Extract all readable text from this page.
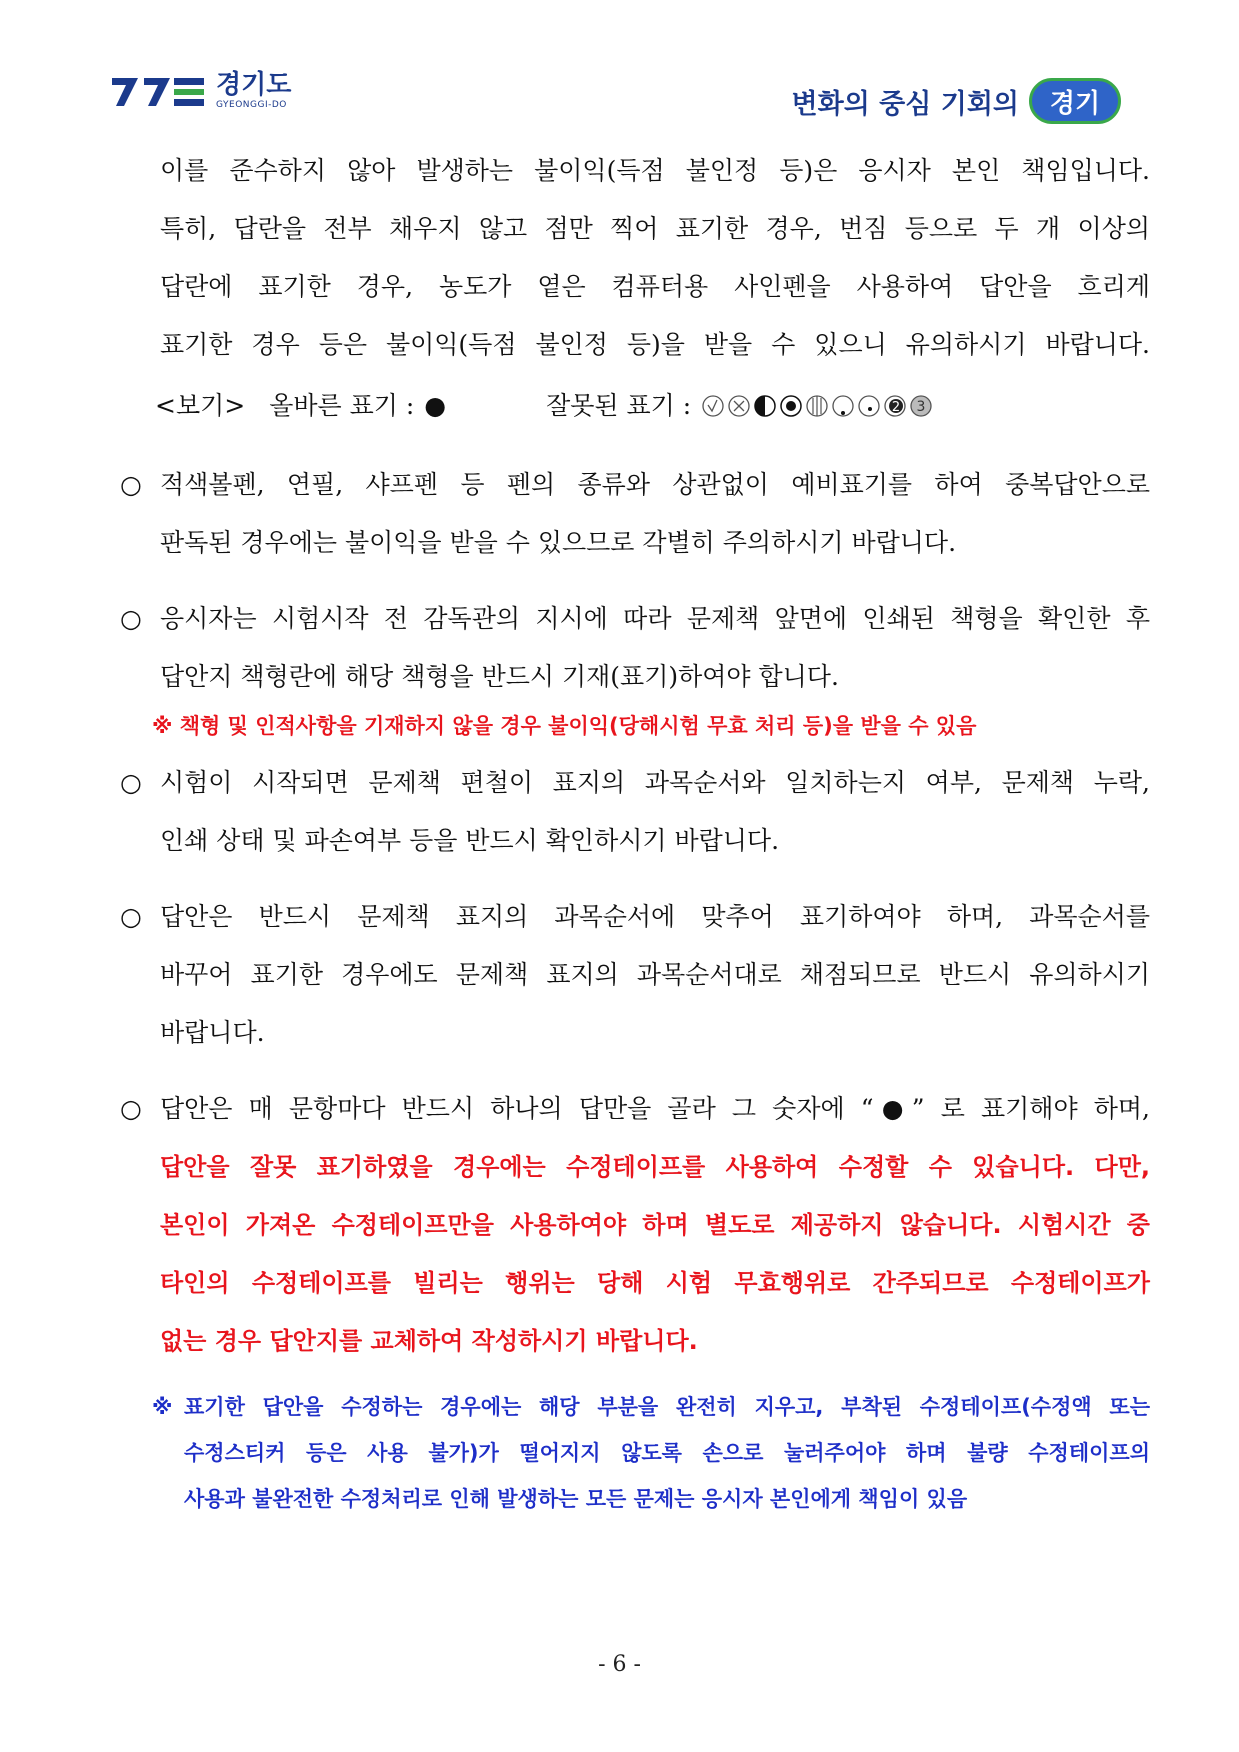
경기도
GYEONGGI-DO	변화의 중심 기회의	경기

이를 준수하지 않아 발생하는 불이익(득점 불인정 등)은 응시자 본인 책임입니다.

특히, 답란을 전부 채우지 않고 점만 찍어 표기한 경우, 번짐 등으로 두 개 이상의

답란에 표기한 경우, 농도가 옅은 컴퓨터용 사인펜을 사용하여 답안을 흐리게

표기한 경우 등은 불이익(득점 불인정 등)을 받을 수 있으니 유의하시기 바랍니다.

<보기> 올바른 표기 : ●	잘못된 표기 :	2 3
○ 적색볼펜, 연필, 샤프펜 등 펜의 종류와 상관없이 예비표기를 하여 중복답안으로

판독된 경우에는 불이익을 받을 수 있으므로 각별히 주의하시기 바랍니다.

○ 응시자는 시험시작 전 감독관의 지시에 따라 문제책 앞면에 인쇄된 책형을 확인한 후

답안지 책형란에 해당 책형을 반드시 기재(표기)하여야 합니다.

※ 책형 및 인적사항을 기재하지 않을 경우 불이익(당해시험 무효 처리 등)을 받을 수 있음

○ 시험이 시작되면 문제책 편철이 표지의 과목순서와 일치하는지 여부, 문제책 누락,

인쇄 상태 및 파손여부 등을 반드시 확인하시기 바랍니다.

○ 답안은 반드시 문제책 표지의 과목순서에 맞추어 표기하여야 하며, 과목순서를

바꾸어 표기한 경우에도 문제책 표지의 과목순서대로 채점되므로 반드시 유의하시기

바랍니다.

○ 답안은 매 문항마다 반드시 하나의 답만을 골라 그 숫자에 “●” 로 표기해야 하며,

답안을 잘못 표기하였을 경우에는 수정테이프를 사용하여 수정할 수 있습니다. 다만,

본인이 가져온 수정테이프만을 사용하여야 하며 별도로 제공하지 않습니다. 시험시간 중

타인의 수정테이프를 빌리는 행위는 당해 시험 무효행위로 간주되므로 수정테이프가

없는 경우 답안지를 교체하여 작성하시기 바랍니다.

※ 표기한 답안을 수정하는 경우에는 해당 부분을 완전히 지우고, 부착된 수정테이프(수정액 또는
수정스티커 등은 사용 불가)가 떨어지지 않도록 손으로 눌러주어야 하며 불량 수정테이프의
사용과 불완전한 수정처리로 인해 발생하는 모든 문제는 응시자 본인에게 책임이 있음
- 6 -
